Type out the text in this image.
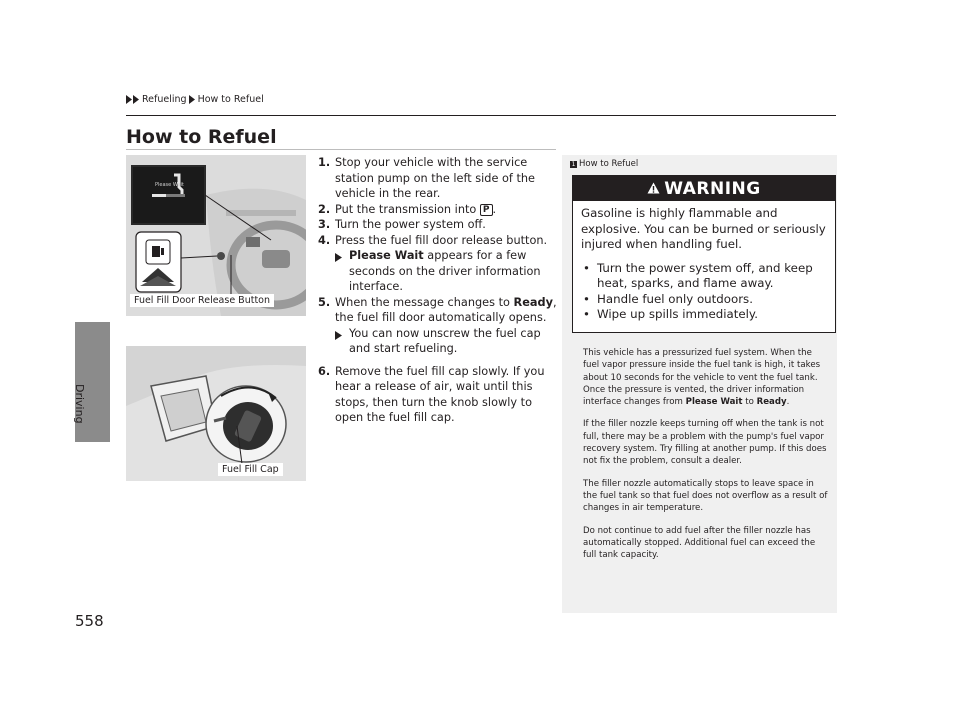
Refueling How to Refuel
Driving
How to Refuel
Please Wait
Fuel Fill Door Release Button
Fuel Fill Cap
1. Stop your vehicle with the service station pump on the left side of the vehicle in the rear.
2. Put the transmission into P .
3. Turn the power system off.
4. Press the fuel fill door release button.
Please Wait appears for a few seconds on the driver information interface.
5. When the message changes to Ready, the fuel fill door automatically opens.
You can now unscrew the fuel cap and start refueling.
6. Remove the fuel fill cap slowly. If you hear a release of air, wait until this stops, then turn the knob slowly to open the fuel fill cap.
1 How to Refuel
WARNING
Gasoline is highly flammable and explosive. You can be burned or seriously injured when handling fuel.
• Turn the power system off, and keep heat, sparks, and flame away.
• Handle fuel only outdoors.
• Wipe up spills immediately.

This vehicle has a pressurized fuel system. When the fuel vapor pressure inside the fuel tank is high, it takes about 10 seconds for the vehicle to vent the fuel tank. Once the pressure is vented, the driver information interface changes from Please Wait to Ready.

If the filler nozzle keeps turning off when the tank is not full, there may be a problem with the pump's fuel vapor recovery system. Try filling at another pump. If this does not fix the problem, consult a dealer.

The filler nozzle automatically stops to leave space in the fuel tank so that fuel does not overflow as a result of changes in air temperature.

Do not continue to add fuel after the filler nozzle has automatically stopped. Additional fuel can exceed the full tank capacity.

558
